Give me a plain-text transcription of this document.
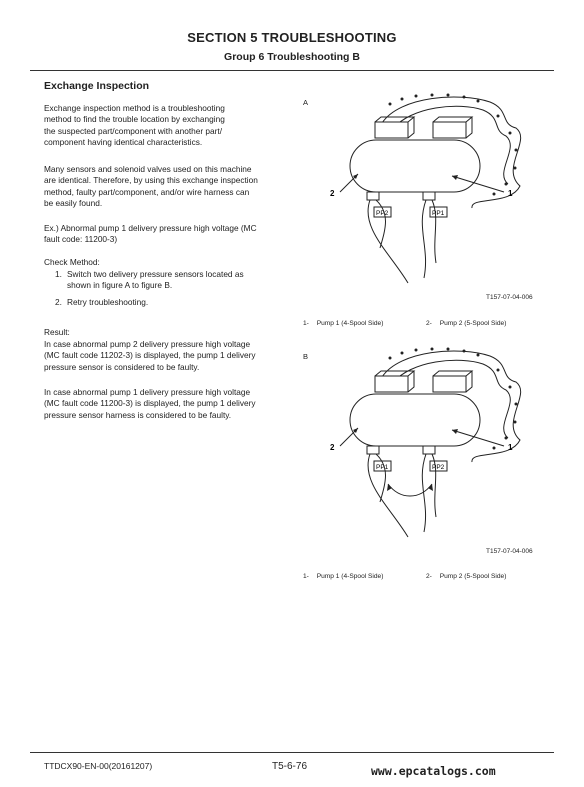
SECTION 5 TROUBLESHOOTING
Group 6 Troubleshooting B
Exchange Inspection
Exchange inspection method is a troubleshooting
method to find the trouble location by exchanging
the suspected part/component with another part/
component having identical characteristics.
Many sensors and solenoid valves used on this machine
are identical. Therefore, by using this exchange inspection
method, faulty part/component, and/or wire harness can
be easily found.
Ex.) Abnormal pump 1 delivery pressure high voltage (MC
fault code: 11200-3)
Check Method:
1. Switch two delivery pressure sensors located as
shown in figure A to figure B.
2. Retry troubleshooting.
Result:
In case abnormal pump 2 delivery pressure high voltage
(MC fault code 11202-3) is displayed, the pump 1 delivery
pressure sensor is considered to be faulty.
In case abnormal pump 1 delivery pressure high voltage
(MC fault code 11200-3) is displayed, the pump 1 delivery
pressure sensor harness is considered to be faulty.
A
PP2	PP1
2	1
T157-07-04-006
1- Pump 1 (4-Spool Side)	2- Pump 2 (5-Spool Side)
B
PP1	PP2
2	1
T157-07-04-006
1- Pump 1 (4-Spool Side)	2- Pump 2 (5-Spool Side)
TTDCX90-EN-00(20161207)	T5-6-76	www.epcatalogs.com
